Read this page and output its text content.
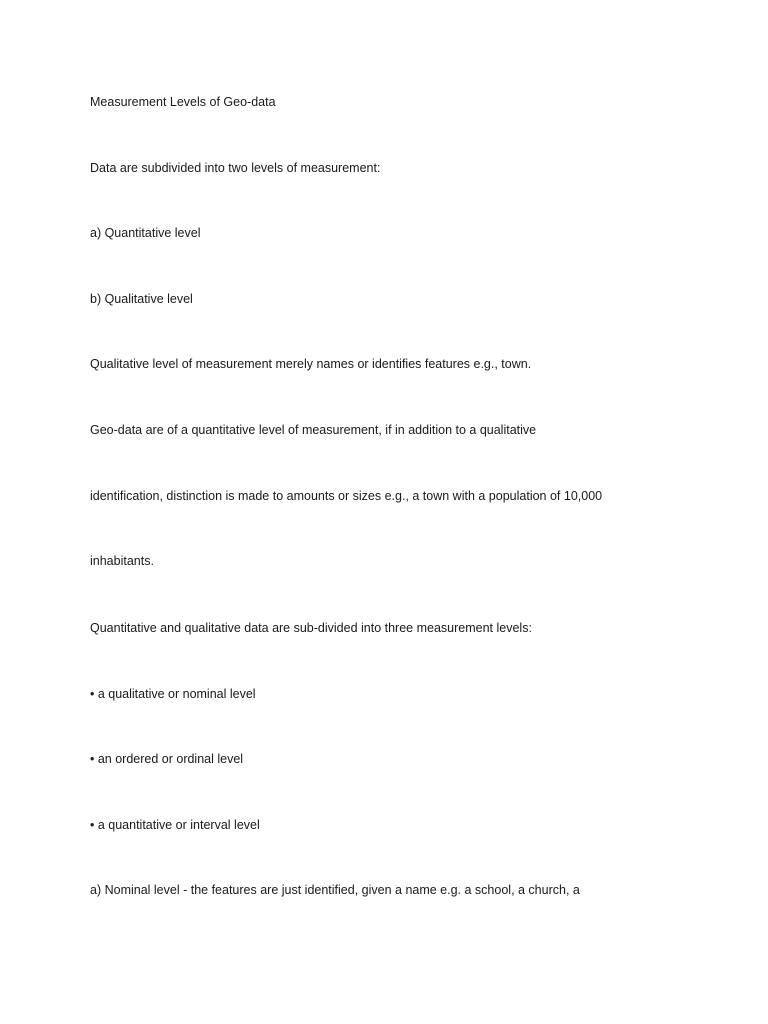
Measurement Levels of Geo-data

Data are subdivided into two levels of measurement:

a) Quantitative level

b) Qualitative level

Qualitative level of measurement merely names or identifies features e.g., town.

Geo-data are of a quantitative level of measurement, if in addition to a qualitative

identification, distinction is made to amounts or sizes e.g., a town with a population of 10,000

inhabitants.

Quantitative and qualitative data are sub-divided into three measurement levels:

• a qualitative or nominal level

• an ordered or ordinal level

• a quantitative or interval level

a) Nominal level - the features are just identified, given a name e.g. a school, a church, a
